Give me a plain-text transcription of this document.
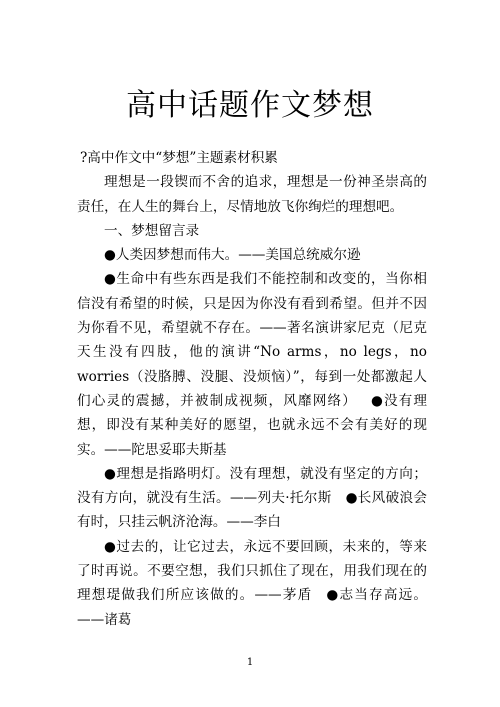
高中话题作文梦想

?高中作文中“梦想”主题素材积累

理想是一段锲而不舍的追求，理想是一份神圣崇高的责任，在人生的舞台上，尽情地放飞你绚烂的理想吧。

一、梦想留言录

●人类因梦想而伟大。——美国总统威尔逊

●生命中有些东西是我们不能控制和改变的，当你相信没有希望的时候，只是因为你没有看到希望。但并不因为你看不见，希望就不存在。——著名演讲家尼克（尼克天生没有四肢，他的演讲“No arms，no legs，no worries（没胳膊、没腿、没烦恼）”，每到一处都激起人们心灵的震撼，并被制成视频，风靡网络） ●没有理想，即没有某种美好的愿望，也就永远不会有美好的现实。——陀思妥耶夫斯基

●理想是指路明灯。没有理想，就没有坚定的方向；没有方向，就没有生活。——列夫·托尔斯 ●长风破浪会有时，只挂云帆济沧海。——李白

●过去的，让它过去，永远不要回顾，未来的，等来了时再说。不要空想，我们只抓住了现在，用我们现在的理想瑅做我们所应该做的。——茅盾 ●志当存高远。——诸葛

1
